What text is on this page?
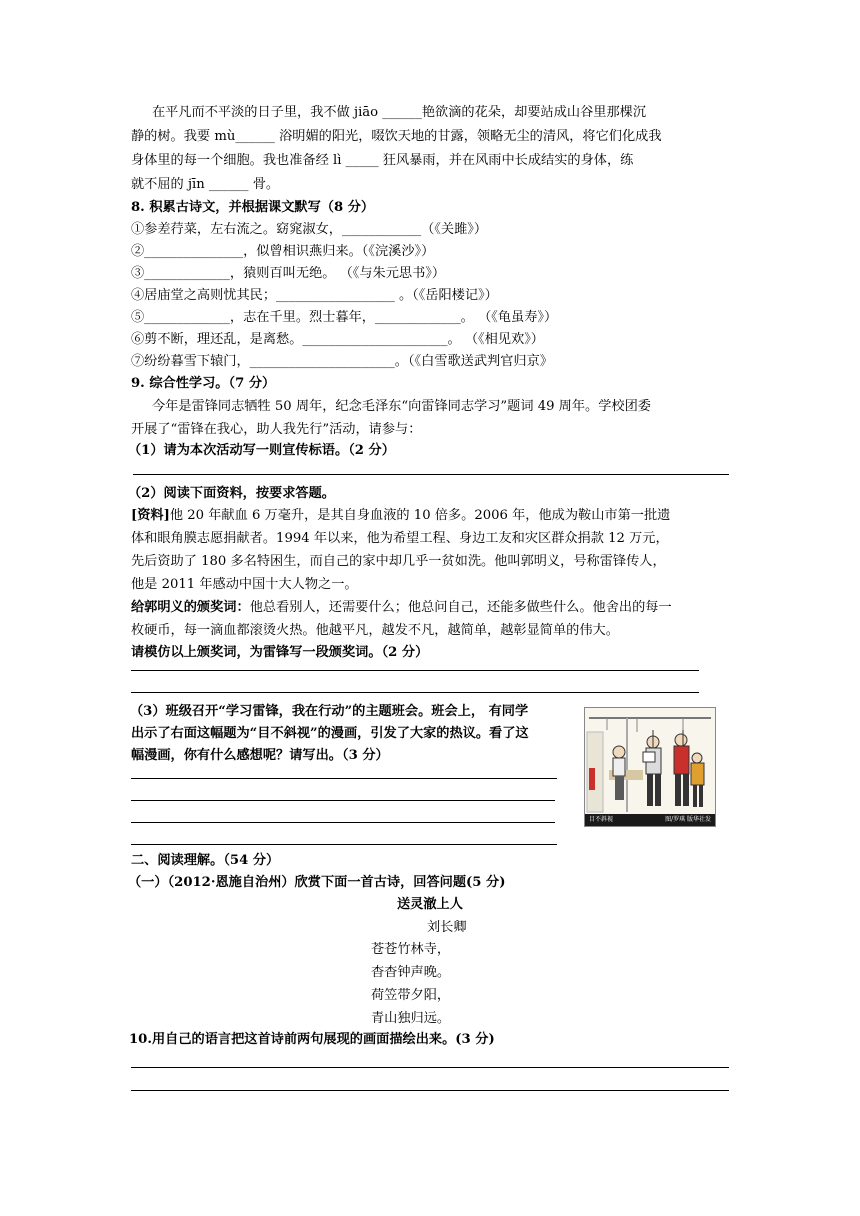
在平凡而不平淡的日子里，我不做 jiāo ______艳欲滴的花朵，却要站成山谷里那棵沉
静的树。我要 mù______ 浴明媚的阳光，啜饮天地的甘露，领略无尘的清风，将它们化成我
身体里的每一个细胞。我也准备经 lì _____ 狂风暴雨，并在风雨中长成结实的身体，练
就不屈的 jīn ______ 骨。
8. 积累古诗文，并根据课文默写（8 分）
①参差荇菜，左右流之。窈窕淑女，____________（《关雎》）
②_______________，似曾相识燕归来。（《浣溪沙》）
③_____________，猿则百叫无绝。 （《与朱元思书》）
④居庙堂之高则忧其民；__________________ 。（《岳阳楼记》）
⑤_____________，志在千里。烈士暮年，_____________。 （《龟虽寿》）
⑥剪不断，理还乱，是离愁。______________________。 （《相见欢》）
⑦纷纷暮雪下辕门，______________________。（《白雪歌送武判官归京》
9. 综合性学习。（7 分）
今年是雷锋同志牺牲 50 周年，纪念毛泽东“向雷锋同志学习”题词 49 周年。学校团委
开展了“雷锋在我心，助人我先行”活动，请参与：
（1）请为本次活动写一则宣传标语。（2 分）
（2）阅读下面资料，按要求答题。
[资料]他 20 年献血 6 万毫升，是其自身血液的 10 倍多。2006 年，他成为鞍山市第一批遗
体和眼角膜志愿捐献者。1994 年以来，他为希望工程、身边工友和灾区群众捐款 12 万元，
先后资助了 180 多名特困生，而自己的家中却几乎一贫如洗。他叫郭明义，号称雷锋传人，
他是 2011 年感动中国十大人物之一。
给郭明义的颁奖词：他总看别人，还需要什么；他总问自己，还能多做些什么。他舍出的每一
枚硬币，每一滴血都滚烫火热。他越平凡，越发不凡，越简单，越彰显简单的伟大。
请模仿以上颁奖词，为雷锋写一段颁奖词。（2 分）
（3）班级召开“学习雷锋，我在行动”的主题班会。班会上， 有同学
出示了右面这幅题为“目不斜视”的漫画，引发了大家的热议。看了这
幅漫画，你有什么感想呢？请写出。（3 分）
目不斜视	图/罗琪 版华社发
二、阅读理解。（54 分）
（一）（2012·恩施自治州）欣赏下面一首古诗，回答问题(5 分)
送灵澈上人
刘长卿
苍苍竹林寺，
杳杳钟声晚。
荷笠带夕阳，
青山独归远。
10.用自己的语言把这首诗前两句展现的画面描绘出来。(3 分)
